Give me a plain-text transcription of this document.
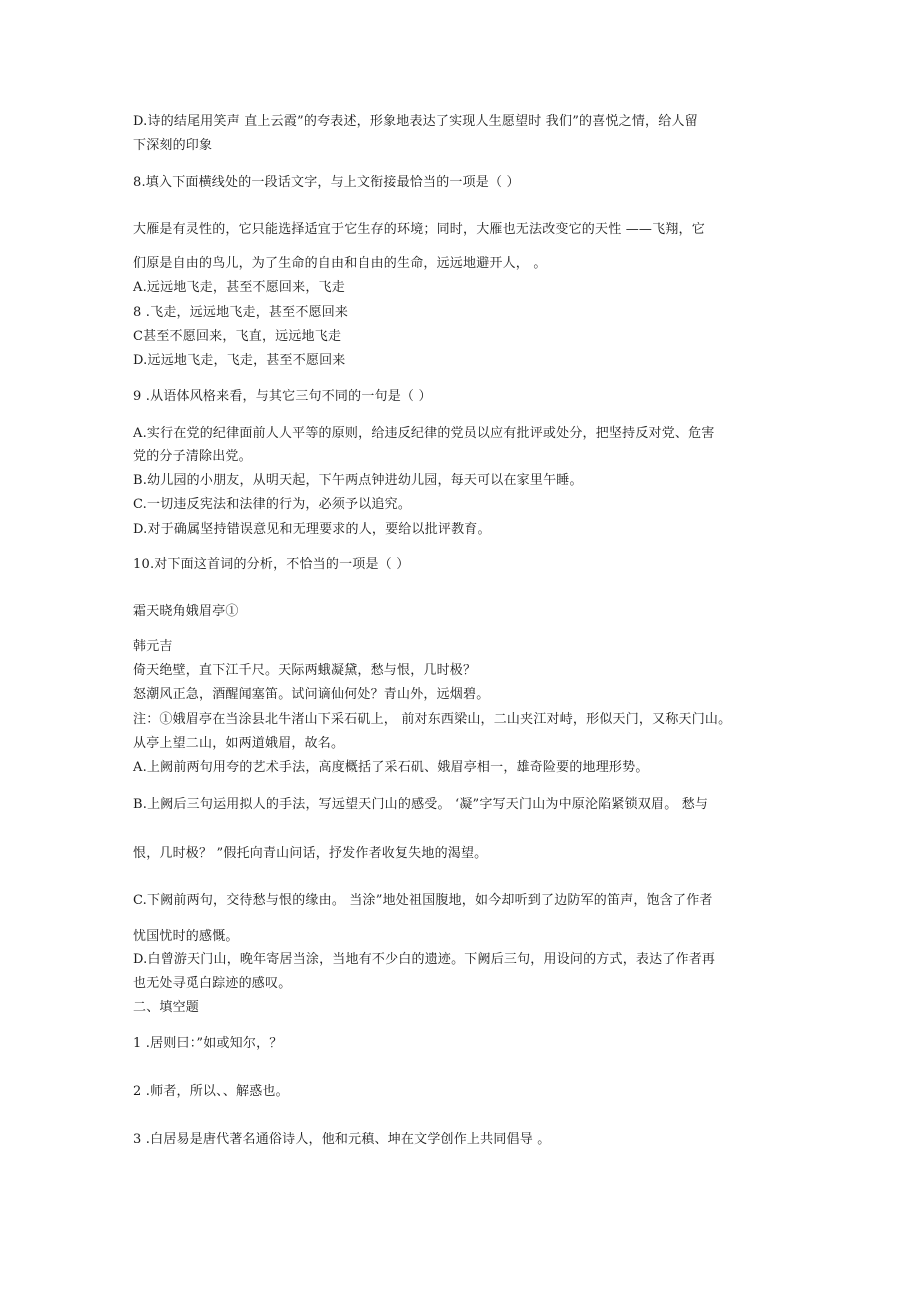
D.诗的结尾用笑声 直上云霞”的夸表述，形象地表达了实现人生愿望时 我们”的喜悦之情，给人留
下深刻的印象
8.填入下面横线处的一段话文字，与上文衔接最恰当的一项是（ ）
大雁是有灵性的，它只能选择适宜于它生存的环境；同时，大雁也无法改变它的天性 ——飞翔，它
们原是自由的鸟儿，为了生命的自由和自由的生命，远远地避开人， 。
A.远远地飞走，甚至不愿回来，飞走
8 .飞走，远远地飞走，甚至不愿回来
C甚至不愿回来，飞直，远远地飞走
D.远远地飞走，飞走，甚至不愿回来
9 .从语体风格来看，与其它三句不同的一句是（ ）
A.实行在党的纪律面前人人平等的原则，给违反纪律的党员以应有批评或处分，把坚持反对党、危害
党的分子清除出党。
B.幼儿园的小朋友，从明天起，下午两点钟进幼儿园，每天可以在家里午睡。
C.一切违反宪法和法律的行为，必须予以追究。
D.对于确属坚持错误意见和无理要求的人，要给以批评教育。
10.对下面这首词的分析，不恰当的一项是（ ）
霜天晓角娥眉亭①
韩元吉
倚天绝壁，直下江千尺。天际两蛾凝黛，愁与恨，几时极？
怒潮风正急，酒醒闻塞笛。试问谪仙何处？青山外，远烟碧。
注：①娥眉亭在当涂县北牛渚山下采石矶上， 前对东西梁山，二山夹江对峙，形似天门，又称天门山。
从亭上望二山，如两道娥眉，故名。
A.上阙前两句用夸的艺术手法，高度概括了采石矶、娥眉亭相一，雄奇险要的地理形势。
B.上阙后三句运用拟人的手法，写远望天门山的感受。 ‘凝”字写天门山为中原沦陷紧锁双眉。 愁与
恨，几时极？ ”假托向青山问话，抒发作者收复失地的渴望。
C.下阙前两句，交待愁与恨的缘由。 当涂”地处祖国腹地，如今却听到了边防军的笛声，饱含了作者
忧国忧时的感慨。
D.白曾游天门山，晚年寄居当涂，当地有不少白的遗迹。下阙后三句，用设问的方式，表达了作者再
也无处寻觅白踪迹的感叹。
二、填空题
1 .居则曰：”如或知尔，？
2 .师者，所以、、解惑也。
3 .白居易是唐代著名通俗诗人，他和元稹、坤在文学创作上共同倡导 。
